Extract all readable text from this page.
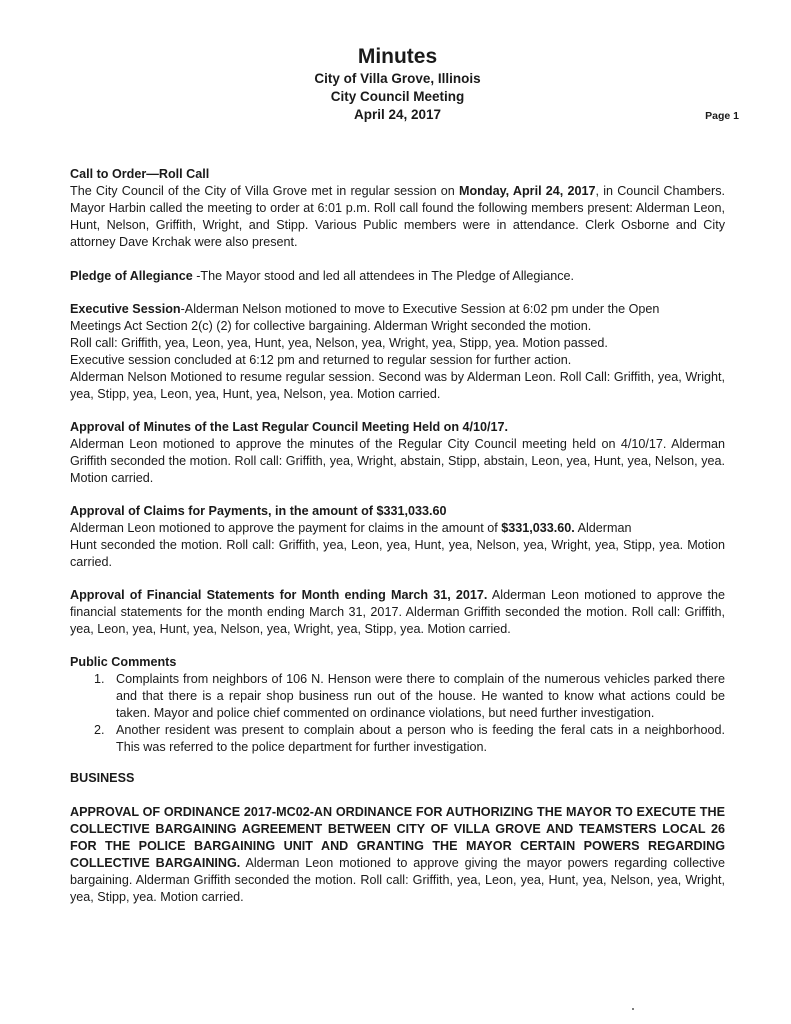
Minutes

City of Villa Grove, Illinois

City Council Meeting

April 24, 2017	Page 1

Call to Order—Roll Call
The City Council of the City of Villa Grove met in regular session on Monday, April 24, 2017, in Council Chambers. Mayor Harbin called the meeting to order at 6:01 p.m. Roll call found the following members present: Alderman Leon, Hunt, Nelson, Griffith, Wright, and Stipp. Various Public members were in attendance. Clerk Osborne and City attorney Dave Krchak were also present.

Pledge of Allegiance -The Mayor stood and led all attendees in The Pledge of Allegiance.

Executive Session-Alderman Nelson motioned to move to Executive Session at 6:02 pm under the Open
Meetings Act Section 2(c) (2) for collective bargaining. Alderman Wright seconded the motion.
Roll call: Griffith, yea, Leon, yea, Hunt, yea, Nelson, yea, Wright, yea, Stipp, yea. Motion passed.
Executive session concluded at 6:12 pm and returned to regular session for further action.
Alderman Nelson Motioned to resume regular session. Second was by Alderman Leon. Roll Call: Griffith, yea, Wright, yea, Stipp, yea, Leon, yea, Hunt, yea, Nelson, yea. Motion carried.

Approval of Minutes of the Last Regular Council Meeting Held on 4/10/17.
Alderman Leon motioned to approve the minutes of the Regular City Council meeting held on 4/10/17. Alderman Griffith seconded the motion. Roll call: Griffith, yea, Wright, abstain, Stipp, abstain, Leon, yea, Hunt, yea, Nelson, yea. Motion carried.

Approval of Claims for Payments, in the amount of $331,033.60
Alderman Leon motioned to approve the payment for claims in the amount of $331,033.60. Alderman
Hunt seconded the motion. Roll call: Griffith, yea, Leon, yea, Hunt, yea, Nelson, yea, Wright, yea, Stipp, yea. Motion carried.

Approval of Financial Statements for Month ending March 31, 2017. Alderman Leon motioned to approve the financial statements for the month ending March 31, 2017. Alderman Griffith seconded the motion. Roll call: Griffith, yea, Leon, yea, Hunt, yea, Nelson, yea, Wright, yea, Stipp, yea. Motion carried.

Public Comments
1. Complaints from neighbors of 106 N. Henson were there to complain of the numerous vehicles parked there and that there is a repair shop business run out of the house. He wanted to know what actions could be taken. Mayor and police chief commented on ordinance violations, but need further investigation.
2. Another resident was present to complain about a person who is feeding the feral cats in a neighborhood. This was referred to the police department for further investigation.

BUSINESS

APPROVAL OF ORDINANCE 2017-MC02-AN ORDINANCE FOR AUTHORIZING THE MAYOR TO EXECUTE THE COLLECTIVE BARGAINING AGREEMENT BETWEEN CITY OF VILLA GROVE AND TEAMSTERS LOCAL 26 FOR THE POLICE BARGAINING UNIT AND GRANTING THE MAYOR CERTAIN POWERS REGARDING COLLECTIVE BARGAINING. Alderman Leon motioned to approve giving the mayor powers regarding collective bargaining. Alderman Griffith seconded the motion. Roll call: Griffith, yea, Leon, yea, Hunt, yea, Nelson, yea, Wright, yea, Stipp, yea. Motion carried.
